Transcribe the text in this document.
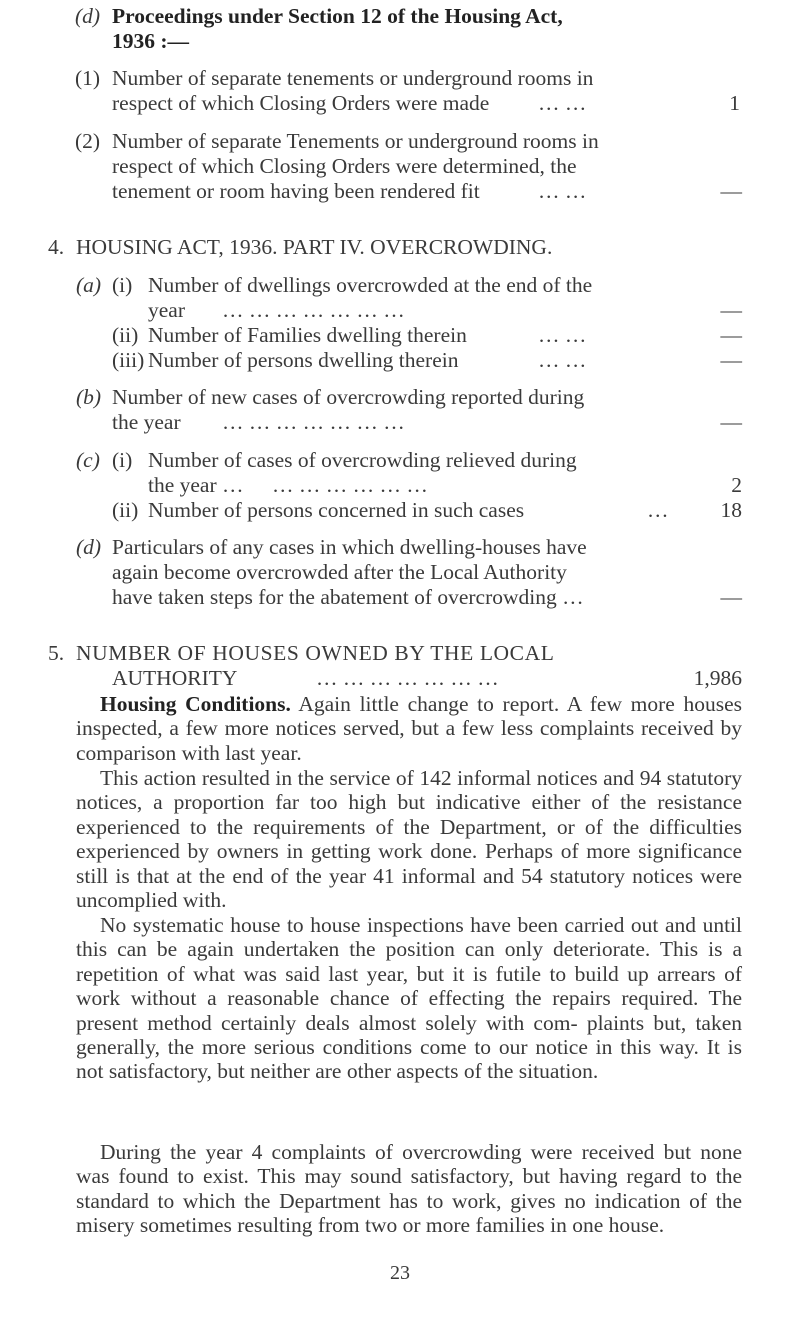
(d) Proceedings under Section 12 of the Housing Act,
1936 :—
(1) Number of separate tenements or underground rooms in
respect of which Closing Orders were made … …	1
(2) Number of separate Tenements or underground rooms in
respect of which Closing Orders were determined, the
tenement or room having been rendered fit	… …	—
4. HOUSING ACT, 1936. PART IV. OVERCROWDING.
(a) (i) Number of dwellings overcrowded at the end of the
year … … … … … … …	—
(ii) Number of Families dwelling therein	… …	—
(iii) Number of persons dwelling therein	… …	—
(b) Number of new cases of overcrowding reported during
the year … … … … … … …	—
(c) (i) Number of cases of overcrowding relieved during
the year … … … … … … …	2
(ii) Number of persons concerned in such cases	…	18
(d) Particulars of any cases in which dwelling-houses have
again become overcrowded after the Local Authority
have taken steps for the abatement of overcrowding …	—
5. NUMBER OF HOUSES OWNED BY THE LOCAL
AUTHORITY	… … … … … … …	1,986

Housing Conditions. Again little change to report. A few more houses inspected, a few more notices served, but a few less complaints received by comparison with last year.

This action resulted in the service of 142 informal notices and 94 statutory notices, a proportion far too high but indicative either of the resistance experienced to the requirements of the Department, or of the difficulties experienced by owners in getting work done. Perhaps of more significance still is that at the end of the year 41 informal and 54 statutory notices were uncomplied with.

No systematic house to house inspections have been carried out and until this can be again undertaken the position can only deteriorate. This is a repetition of what was said last year, but it is futile to build up arrears of work without a reasonable chance of effecting the repairs required. The present method certainly deals almost solely with com- plaints but, taken generally, the more serious conditions come to our notice in this way. It is not satisfactory, but neither are other aspects of the situation.

During the year 4 complaints of overcrowding were received but none was found to exist. This may sound satisfactory, but having regard to the standard to which the Department has to work, gives no indication of the misery sometimes resulting from two or more families in one house.

23
